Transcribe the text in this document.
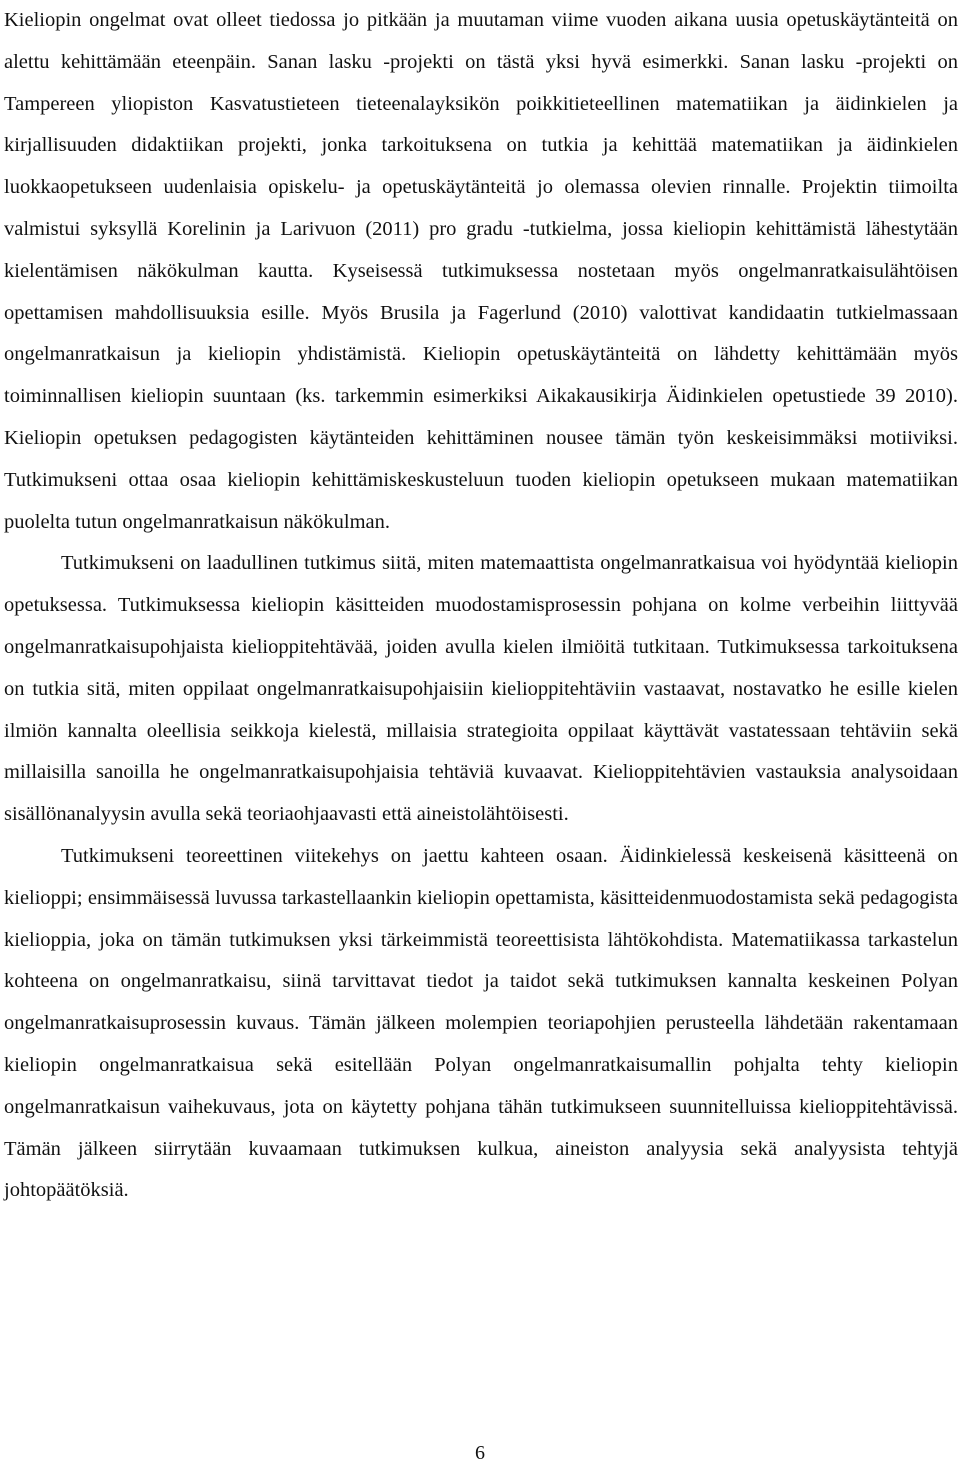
Kieliopin ongelmat ovat olleet tiedossa jo pitkään ja muutaman viime vuoden aikana uusia opetuskäytänteitä on alettu kehittämään eteenpäin. Sanan lasku -projekti on tästä yksi hyvä esimerkki. Sanan lasku -projekti on Tampereen yliopiston Kasvatustieteen tieteenalayksikön poikkitieteellinen matematiikan ja äidinkielen ja kirjallisuuden didaktiikan projekti, jonka tarkoituksena on tutkia ja kehittää matematiikan ja äidinkielen luokkaopetukseen uudenlaisia opiskelu- ja opetuskäytänteitä jo olemassa olevien rinnalle. Projektin tiimoilta valmistui syksyllä Korelinin ja Larivuon (2011) pro gradu -tutkielma, jossa kieliopin kehittämistä lähestytään kielentämisen näkökulman kautta. Kyseisessä tutkimuksessa nostetaan myös ongelmanratkaisulähtöisen opettamisen mahdollisuuksia esille. Myös Brusila ja Fagerlund (2010) valottivat kandidaatin tutkielmassaan ongelmanratkaisun ja kieliopin yhdistämistä. Kieliopin opetuskäytänteitä on lähdetty kehittämään myös toiminnallisen kieliopin suuntaan (ks. tarkemmin esimerkiksi Aikakausikirja Äidinkielen opetustiede 39 2010). Kieliopin opetuksen pedagogisten käytänteiden kehittäminen nousee tämän työn keskeisimmäksi motiiviksi. Tutkimukseni ottaa osaa kieliopin kehittämiskeskusteluun tuoden kieliopin opetukseen mukaan matematiikan puolelta tutun ongelmanratkaisun näkökulman.

Tutkimukseni on laadullinen tutkimus siitä, miten matemaattista ongelmanratkaisua voi hyödyntää kieliopin opetuksessa. Tutkimuksessa kieliopin käsitteiden muodostamisprosessin pohjana on kolme verbeihin liittyvää ongelmanratkaisupohjaista kielioppitehtävää, joiden avulla kielen ilmiöitä tutkitaan. Tutkimuksessa tarkoituksena on tutkia sitä, miten oppilaat ongelmanratkaisupohjaisiin kielioppitehtäviin vastaavat, nostavatko he esille kielen ilmiön kannalta oleellisia seikkoja kielestä, millaisia strategioita oppilaat käyttävät vastatessaan tehtäviin sekä millaisilla sanoilla he ongelmanratkaisupohjaisia tehtäviä kuvaavat. Kielioppitehtävien vastauksia analysoidaan sisällönanalyysin avulla sekä teoriaohjaavasti että aineistolähtöisesti.

Tutkimukseni teoreettinen viitekehys on jaettu kahteen osaan. Äidinkielessä keskeisenä käsitteenä on kielioppi; ensimmäisessä luvussa tarkastellaankin kieliopin opettamista, käsitteidenmuodostamista sekä pedagogista kielioppia, joka on tämän tutkimuksen yksi tärkeimmistä teoreettisista lähtökohdista. Matematiikassa tarkastelun kohteena on ongelmanratkaisu, siinä tarvittavat tiedot ja taidot sekä tutkimuksen kannalta keskeinen Polyan ongelmanratkaisuprosessin kuvaus. Tämän jälkeen molempien teoriapohjien perusteella lähdetään rakentamaan kieliopin ongelmanratkaisua sekä esitellään Polyan ongelmanratkaisumallin pohjalta tehty kieliopin ongelmanratkaisun vaihekuvaus, jota on käytetty pohjana tähän tutkimukseen suunnitelluissa kielioppitehtävissä. Tämän jälkeen siirrytään kuvaamaan tutkimuksen kulkua, aineiston analyysia sekä analyysista tehtyjä johtopäätöksiä.

6
